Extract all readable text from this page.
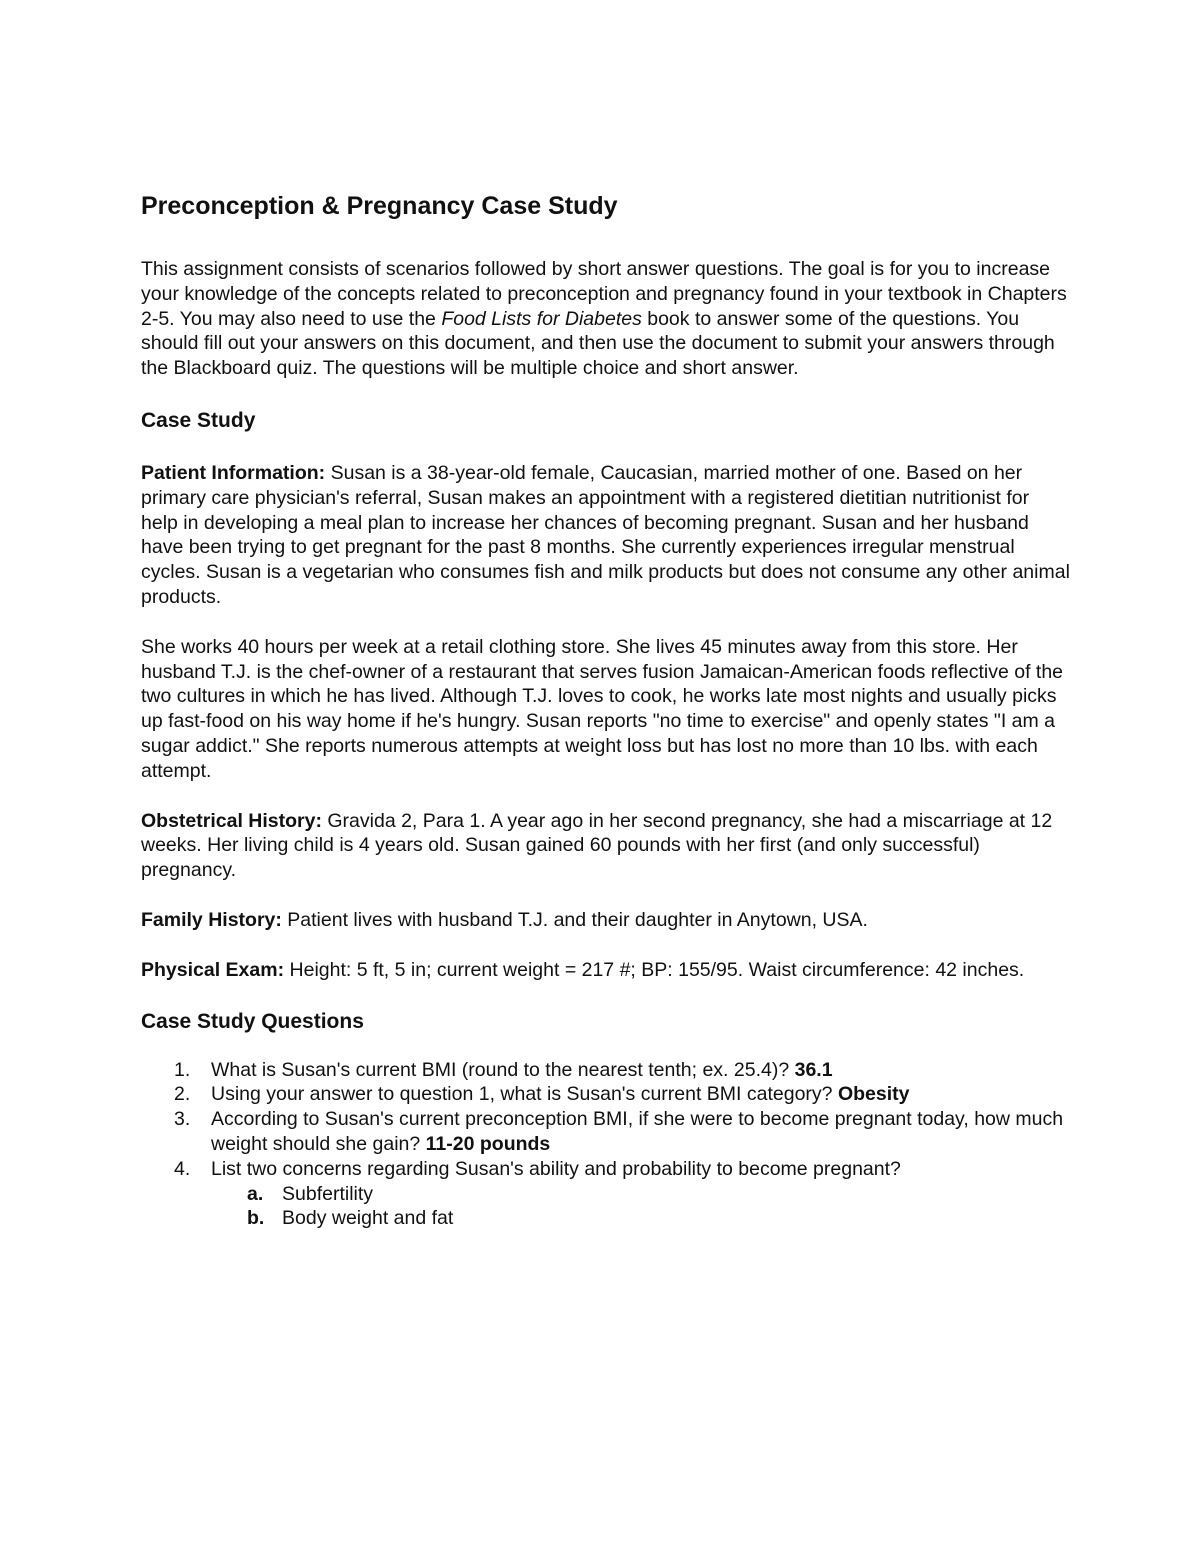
Preconception & Pregnancy Case Study

This assignment consists of scenarios followed by short answer questions. The goal is for you to increase your knowledge of the concepts related to preconception and pregnancy found in your textbook in Chapters 2-5. You may also need to use the Food Lists for Diabetes book to answer some of the questions. You should fill out your answers on this document, and then use the document to submit your answers through the Blackboard quiz. The questions will be multiple choice and short answer.

Case Study

Patient Information: Susan is a 38-year-old female, Caucasian, married mother of one. Based on her primary care physician's referral, Susan makes an appointment with a registered dietitian nutritionist for help in developing a meal plan to increase her chances of becoming pregnant. Susan and her husband have been trying to get pregnant for the past 8 months. She currently experiences irregular menstrual cycles. Susan is a vegetarian who consumes fish and milk products but does not consume any other animal products.

She works 40 hours per week at a retail clothing store. She lives 45 minutes away from this store. Her husband T.J. is the chef-owner of a restaurant that serves fusion Jamaican-American foods reflective of the two cultures in which he has lived. Although T.J. loves to cook, he works late most nights and usually picks up fast-food on his way home if he's hungry. Susan reports "no time to exercise" and openly states "I am a sugar addict." She reports numerous attempts at weight loss but has lost no more than 10 lbs. with each attempt.

Obstetrical History: Gravida 2, Para 1. A year ago in her second pregnancy, she had a miscarriage at 12 weeks. Her living child is 4 years old. Susan gained 60 pounds with her first (and only successful) pregnancy.

Family History: Patient lives with husband T.J. and their daughter in Anytown, USA.

Physical Exam: Height: 5 ft, 5 in; current weight = 217 #; BP: 155/95. Waist circumference: 42 inches.

Case Study Questions
1. What is Susan's current BMI (round to the nearest tenth; ex. 25.4)? 36.1
2. Using your answer to question 1, what is Susan's current BMI category? Obesity
3. According to Susan's current preconception BMI, if she were to become pregnant today, how much weight should she gain? 11-20 pounds
4. List two concerns regarding Susan's ability and probability to become pregnant?
a. Subfertility
b. Body weight and fat
